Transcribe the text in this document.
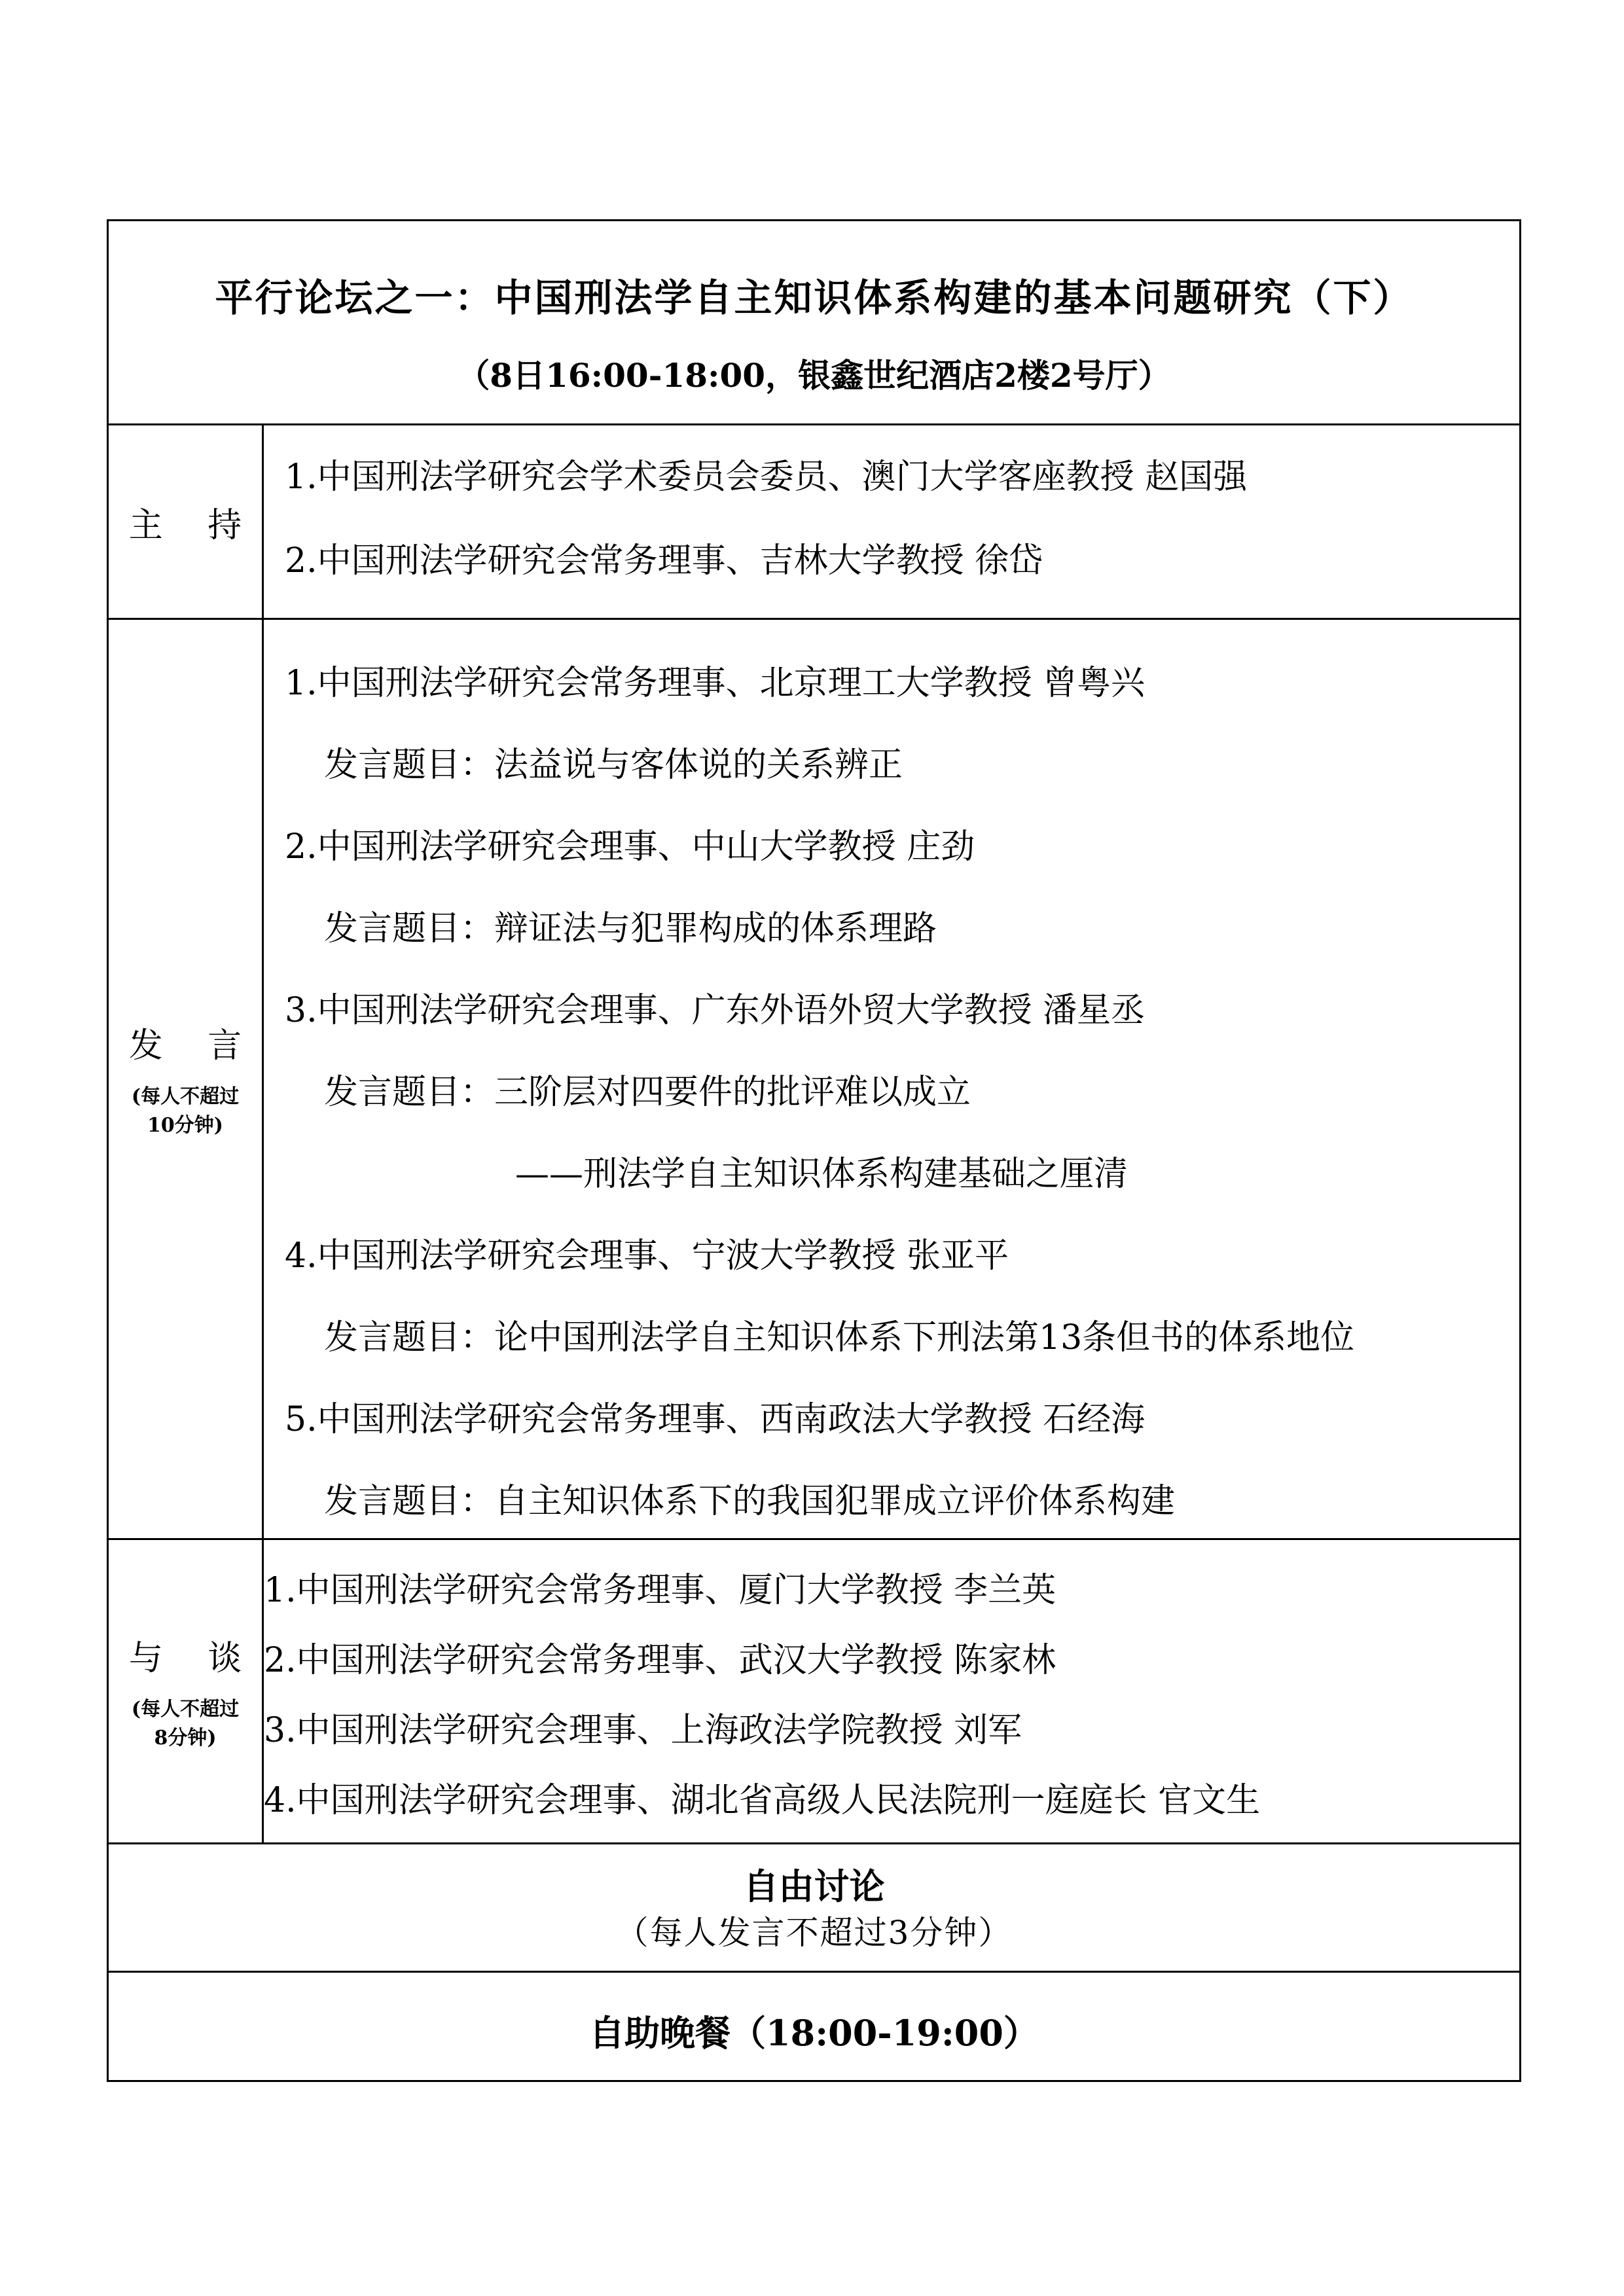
平行论坛之一：中国刑法学自主知识体系构建的基本问题研究（下）
（8日16:00-18:00，银鑫世纪酒店2楼2号厅）
主 持
1.中国刑法学研究会学术委员会委员、澳门大学客座教授 赵国强
2.中国刑法学研究会常务理事、吉林大学教授 徐岱
发 言
(每人不超过10分钟)
1.中国刑法学研究会常务理事、北京理工大学教授 曾粤兴
发言题目：法益说与客体说的关系辨正
2.中国刑法学研究会理事、中山大学教授 庄劲
发言题目：辩证法与犯罪构成的体系理路
3.中国刑法学研究会理事、广东外语外贸大学教授 潘星丞
发言题目：三阶层对四要件的批评难以成立
——刑法学自主知识体系构建基础之厘清
4.中国刑法学研究会理事、宁波大学教授 张亚平
发言题目：论中国刑法学自主知识体系下刑法第13条但书的体系地位
5.中国刑法学研究会常务理事、西南政法大学教授 石经海
发言题目：自主知识体系下的我国犯罪成立评价体系构建
与 谈
(每人不超过8分钟)
1.中国刑法学研究会常务理事、厦门大学教授 李兰英
2.中国刑法学研究会常务理事、武汉大学教授 陈家林
3.中国刑法学研究会理事、上海政法学院教授 刘军
4.中国刑法学研究会理事、湖北省高级人民法院刑一庭庭长 官文生
自由讨论
（每人发言不超过3分钟）
自助晚餐（18:00-19:00）
